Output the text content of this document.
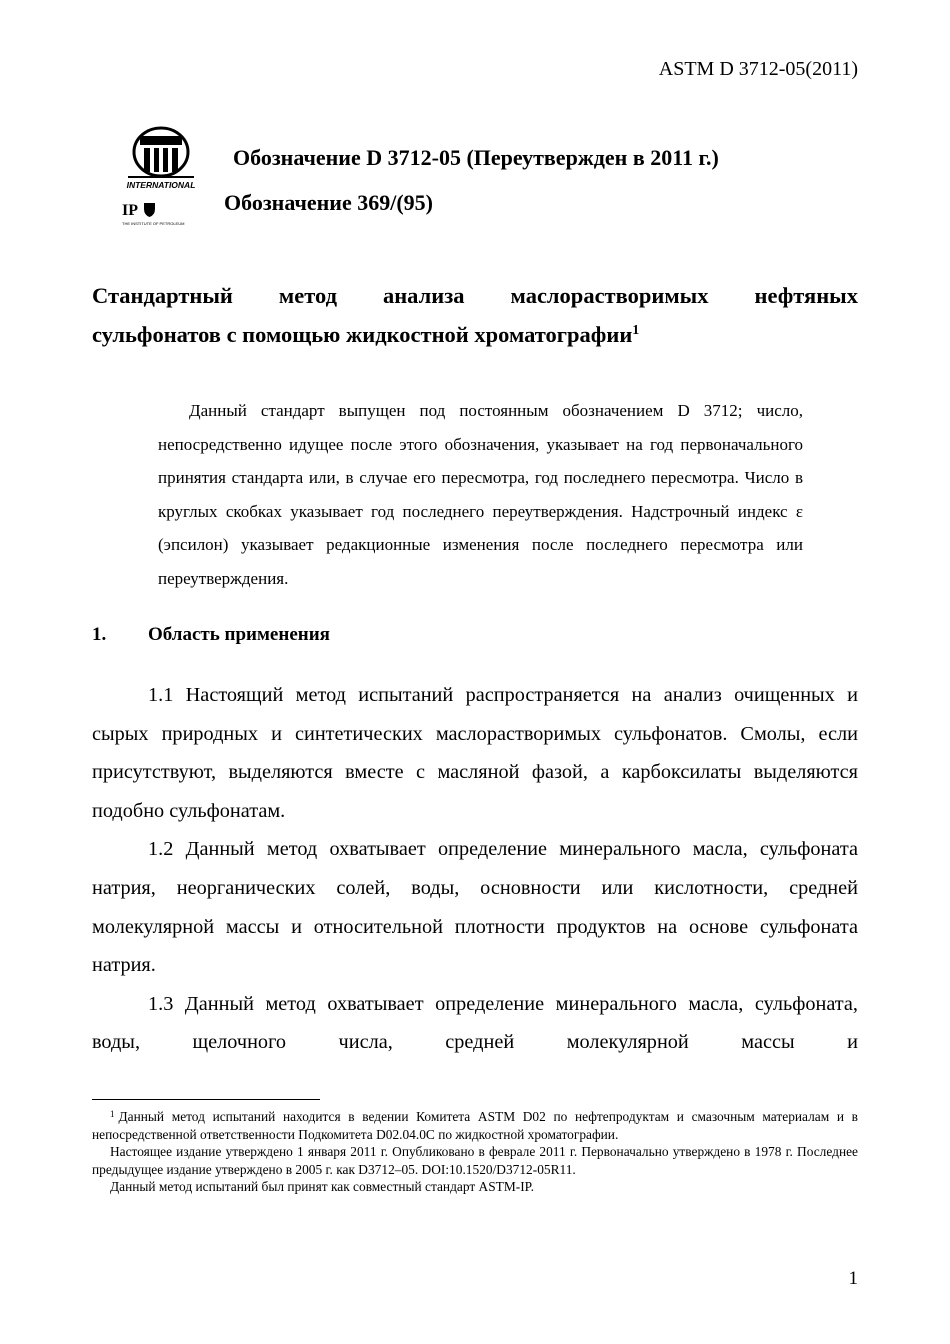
ASTM D 3712-05(2011)
INTERNATIONAL
IP
THE INSTITUTE OF PETROLEUM
Обозначение D 3712-05 (Переутвержден в 2011 г.)
Обозначение 369/(95)
Стандартный метод анализа маслорастворимых нефтяных
сульфонатов с помощью жидкостной хроматографии$^1$
Данный стандарт выпущен под постоянным обозначением D 3712; число, непосредственно идущее после этого обозначения, указывает на год первоначального принятия стандарта или, в случае его пересмотра, год последнего пересмотра. Число в круглых скобках указывает год последнего переутверждения. Надстрочный индекс ε (эпсилон) указывает редакционные изменения после последнего пересмотра или переутверждения.
1. Область применения

1.1 Настоящий метод испытаний распространяется на анализ очищенных и сырых природных и синтетических маслорастворимых сульфонатов. Смолы, если присутствуют, выделяются вместе с масляной фазой, а карбоксилаты выделяются подобно сульфонатам.

1.2 Данный метод охватывает определение минерального масла, сульфоната натрия, неорганических солей, воды, основности или кислотности, средней молекулярной массы и относительной плотности продуктов на основе сульфоната натрия.

1.3 Данный метод охватывает определение минерального масла, сульфоната, воды, щелочного числа, средней молекулярной массы и

$^1$ Данный метод испытаний находится в ведении Комитета ASTM D02 по нефтепродуктам и смазочным материалам и в непосредственной ответственности Подкомитета D02.04.0C по жидкостной хроматографии.

Настоящее издание утверждено 1 января 2011 г. Опубликовано в феврале 2011 г. Первоначально утверждено в 1978 г. Последнее предыдущее издание утверждено в 2005 г. как D3712–05. DOI:10.1520/D3712-05R11.

Данный метод испытаний был принят как совместный стандарт ASTM-IP.

1
